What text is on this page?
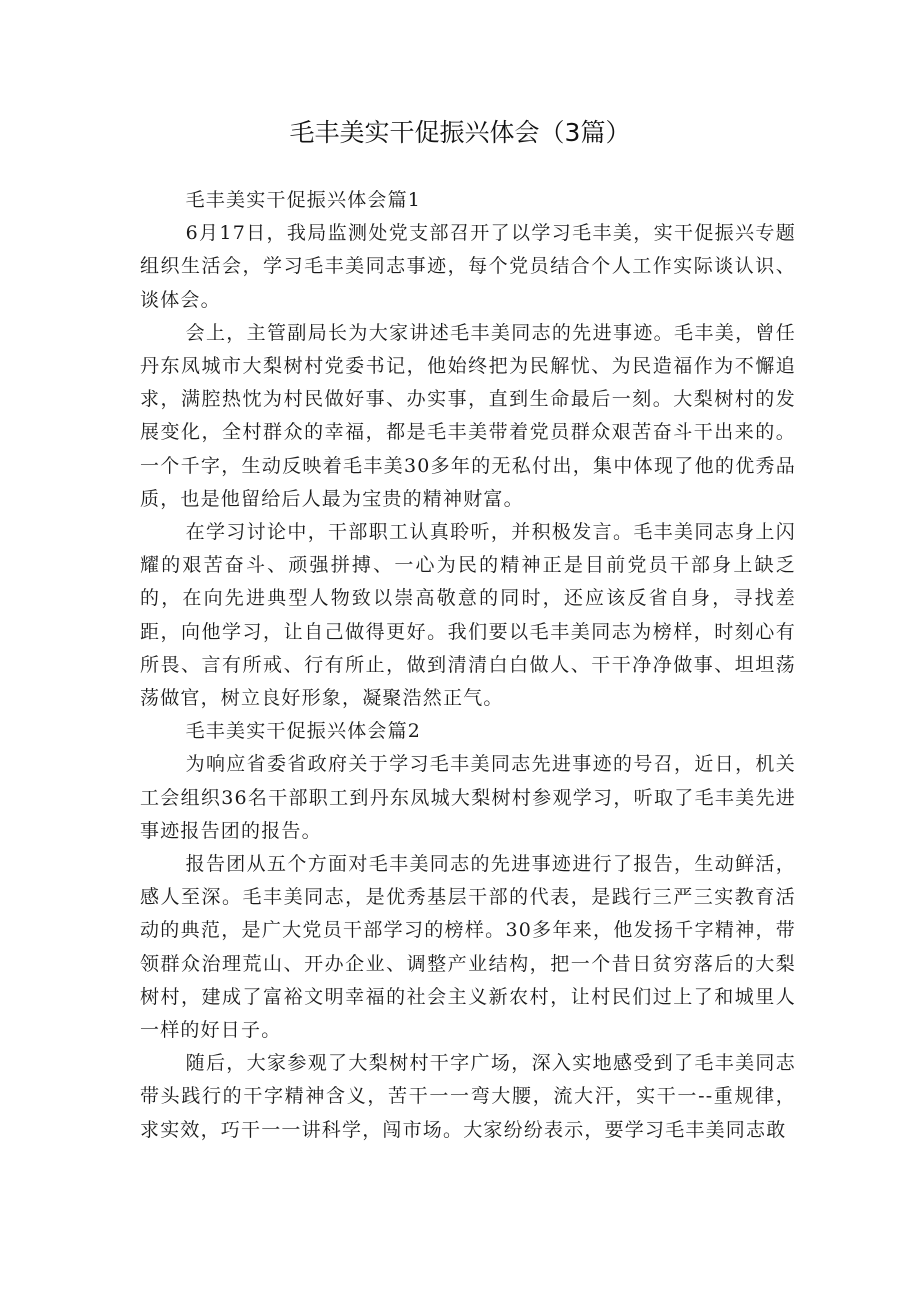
毛丰美实干促振兴体会（3篇）
毛丰美实干促振兴体会篇1

6月17日，我局监测处党支部召开了以学习毛丰美，实干促振兴专题组织生活会，学习毛丰美同志事迹，每个党员结合个人工作实际谈认识、谈体会。

会上，主管副局长为大家讲述毛丰美同志的先进事迹。毛丰美，曾任丹东凤城市大梨树村党委书记，他始终把为民解忧、为民造福作为不懈追求，满腔热忱为村民做好事、办实事，直到生命最后一刻。大梨树村的发展变化，全村群众的幸福，都是毛丰美带着党员群众艰苦奋斗干出来的。一个千字，生动反映着毛丰美30多年的无私付出，集中体现了他的优秀品质，也是他留给后人最为宝贵的精神财富。

在学习讨论中，干部职工认真聆听，并积极发言。毛丰美同志身上闪耀的艰苦奋斗、顽强拼搏、一心为民的精神正是目前党员干部身上缺乏的，在向先进典型人物致以崇高敬意的同时，还应该反省自身，寻找差距，向他学习，让自己做得更好。我们要以毛丰美同志为榜样，时刻心有所畏、言有所戒、行有所止，做到清清白白做人、干干净净做事、坦坦荡荡做官，树立良好形象，凝聚浩然正气。

毛丰美实干促振兴体会篇2

为响应省委省政府关于学习毛丰美同志先进事迹的号召，近日，机关工会组织36名干部职工到丹东凤城大梨树村参观学习，听取了毛丰美先进事迹报告团的报告。

报告团从五个方面对毛丰美同志的先进事迹进行了报告，生动鲜活，感人至深。毛丰美同志，是优秀基层干部的代表，是践行三严三实教育活动的典范，是广大党员干部学习的榜样。30多年来，他发扬千字精神，带领群众治理荒山、开办企业、调整产业结构，把一个昔日贫穷落后的大梨树村，建成了富裕文明幸福的社会主义新农村，让村民们过上了和城里人一样的好日子。

随后，大家参观了大梨树村干字广场，深入实地感受到了毛丰美同志带头践行的干字精神含义，苦干一一弯大腰，流大汗，实干一--重规律，求实效，巧干一一讲科学，闯市场。大家纷纷表示，要学习毛丰美同志敢
